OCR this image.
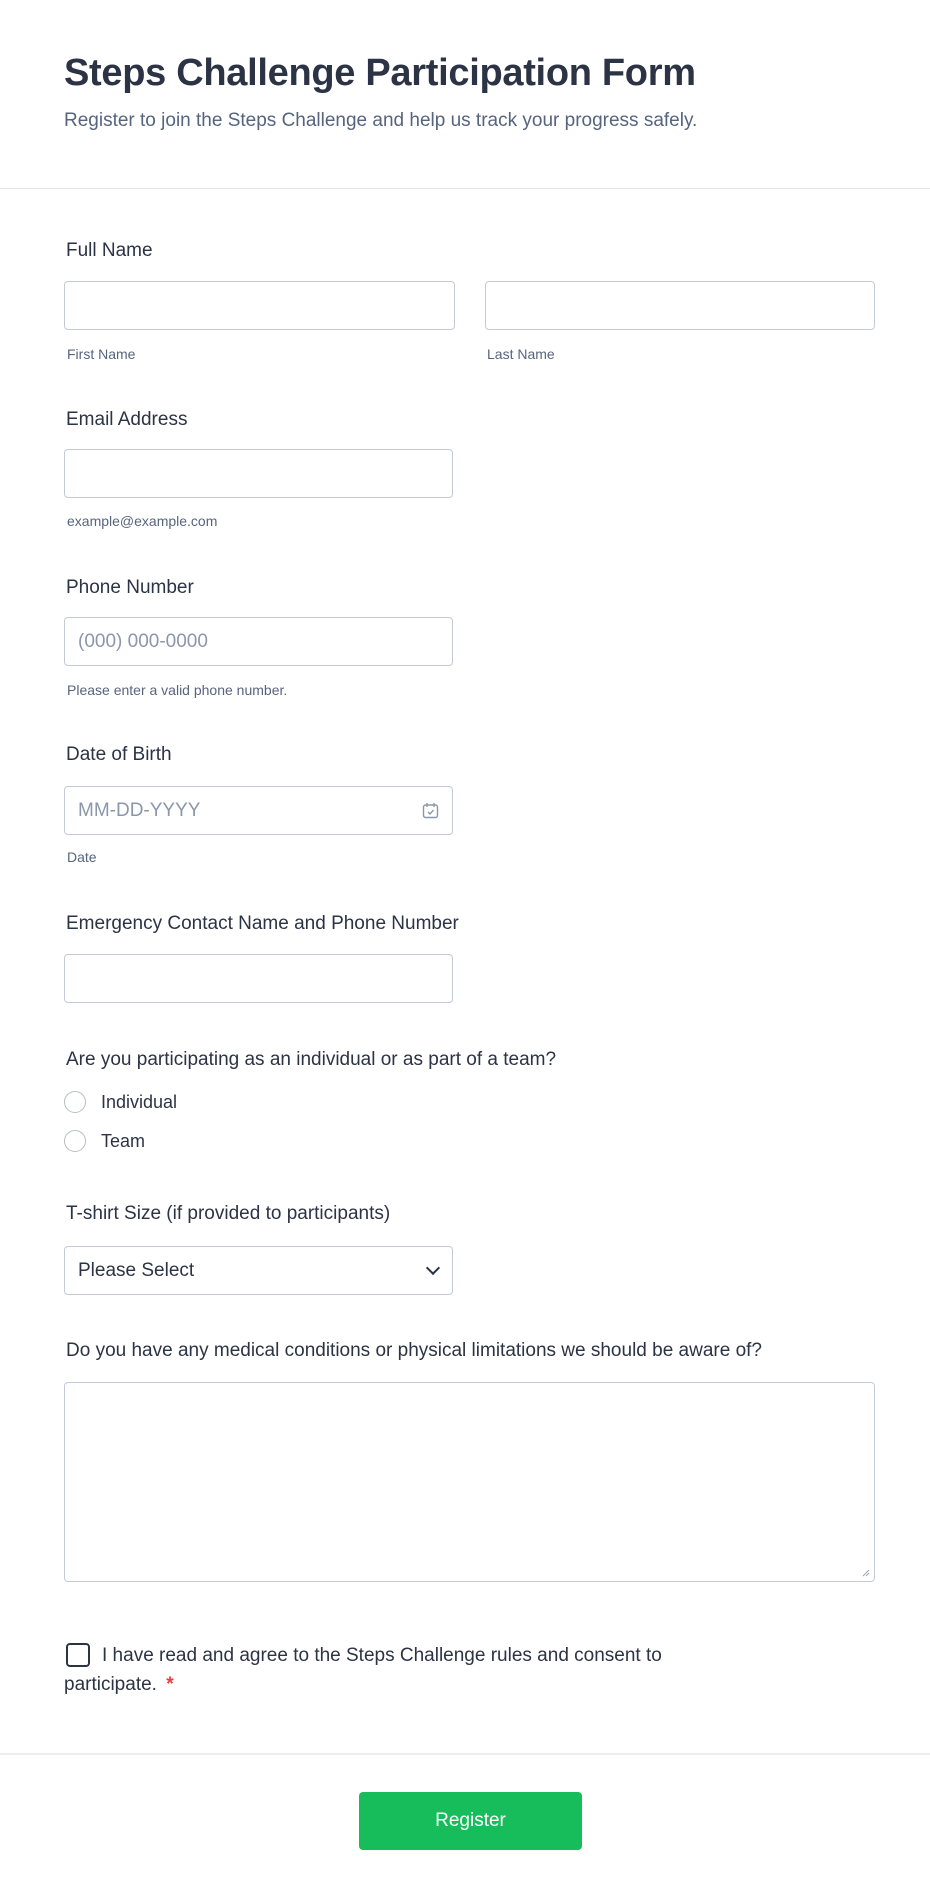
Steps Challenge Participation Form
Register to join the Steps Challenge and help us track your progress safely.
Full Name
First Name	Last Name
Email Address
example@example.com
Phone Number
(000) 000-0000
Please enter a valid phone number.
Date of Birth
MM-DD-YYYY
Date
Emergency Contact Name and Phone Number
Are you participating as an individual or as part of a team?
Individual
Team
T-shirt Size (if provided to participants)
Please Select
Do you have any medical conditions or physical limitations we should be aware of?
I have read and agree to the Steps Challenge rules and consent to
participate. *
Register
